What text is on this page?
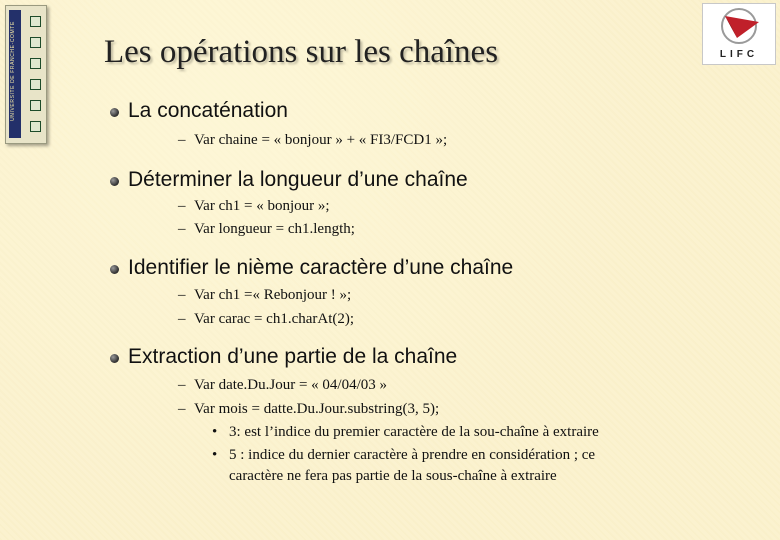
UNIVERSITE DE FRANCHE-COMTE	LIFC
Les opérations sur les chaînes
La concaténation
– Var chaine = « bonjour » + « FI3/FCD1 »;
Déterminer la longueur d’une chaîne
– Var ch1 = « bonjour »;
– Var longueur = ch1.length;
Identifier le nième caractère d’une chaîne
– Var ch1 =« Rebonjour ! »;
– Var carac = ch1.charAt(2);
Extraction d’une partie de la chaîne
– Var date.Du.Jour = « 04/04/03 »
– Var mois = datte.Du.Jour.substring(3, 5);
• 3: est l’indice du premier caractère de la sou-chaîne à extraire
• 5 : indice du dernier caractère à prendre en considération ; ce
caractère ne fera pas partie de la sous-chaîne à extraire
